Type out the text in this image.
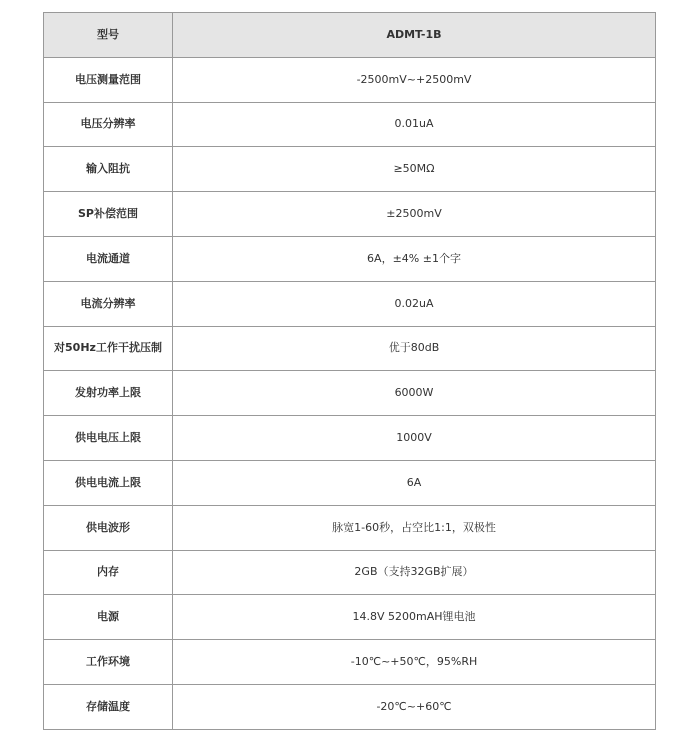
型号	ADMT-1B
电压测量范围	-2500mV~+2500mV
电压分辨率	0.01uA
输入阻抗	≥50MΩ
SP补偿范围	±2500mV
电流通道	6A，±4% ±1个字
电流分辨率	0.02uA
对50Hz工作干扰压制	优于80dB
发射功率上限	6000W
供电电压上限	1000V
供电电流上限	6A
供电波形	脉宽1-60秒，占空比1:1，双极性
内存	2GB（支持32GB扩展）
电源	14.8V 5200mAH锂电池
工作环境	-10℃~+50℃，95%RH
存储温度	-20℃~+60℃
